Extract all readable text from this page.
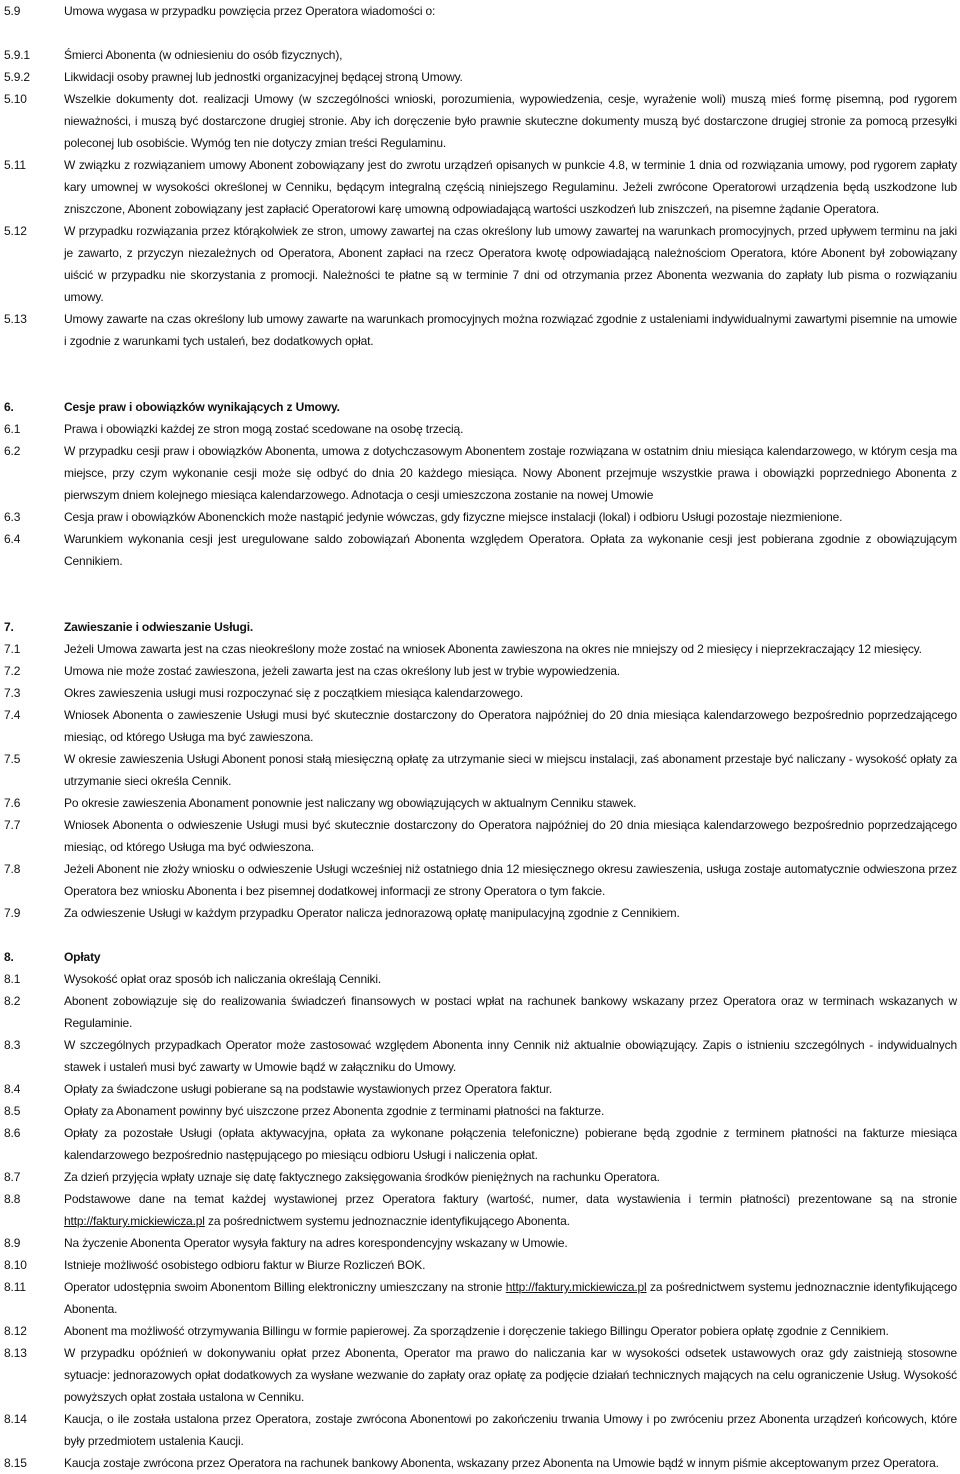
5.9	Umowa wygasa w przypadku powzięcia przez Operatora wiadomości o:
5.9.1	Śmierci Abonenta (w odniesieniu do osób fizycznych),
5.9.2	Likwidacji osoby prawnej lub jednostki organizacyjnej będącej stroną Umowy.
5.10	Wszelkie dokumenty dot. realizacji Umowy (w szczególności wnioski, porozumienia, wypowiedzenia, cesje, wyrażenie woli) muszą mieś formę pisemną, pod rygorem nieważności, i muszą być dostarczone drugiej stronie. Aby ich doręczenie było prawnie skuteczne dokumenty muszą być dostarczone drugiej stronie za pomocą przesyłki poleconej lub osobiście. Wymóg ten nie dotyczy zmian treści Regulaminu.
5.11	W związku z rozwiązaniem umowy Abonent zobowiązany jest do zwrotu urządzeń opisanych w punkcie 4.8, w terminie 1 dnia od rozwiązania umowy, pod rygorem zapłaty kary umownej w wysokości określonej w Cenniku, będącym integralną częścią niniejszego Regulaminu. Jeżeli zwrócone Operatorowi urządzenia będą uszkodzone lub zniszczone, Abonent zobowiązany jest zapłacić Operatorowi karę umowną odpowiadającą wartości uszkodzeń lub zniszczeń, na pisemne żądanie Operatora.
5.12	W przypadku rozwiązania przez którąkolwiek ze stron, umowy zawartej na czas określony lub umowy zawartej na warunkach promocyjnych, przed upływem terminu na jaki je zawarto, z przyczyn niezależnych od Operatora, Abonent zapłaci na rzecz Operatora kwotę odpowiadającą należnościom Operatora, które Abonent był zobowiązany uiścić w przypadku nie skorzystania z promocji. Należności te płatne są w terminie 7 dni od otrzymania przez Abonenta wezwania do zapłaty lub pisma o rozwiązaniu umowy.
5.13	Umowy zawarte na czas określony lub umowy zawarte na warunkach promocyjnych można rozwiązać zgodnie z ustaleniami indywidualnymi zawartymi pisemnie na umowie i zgodnie z warunkami tych ustaleń, bez dodatkowych opłat.
6.	Cesje praw i obowiązków wynikających z Umowy.
6.1	Prawa i obowiązki każdej ze stron mogą zostać scedowane na osobę trzecią.
6.2	W przypadku cesji praw i obowiązków Abonenta, umowa z dotychczasowym Abonentem zostaje rozwiązana w ostatnim dniu miesiąca kalendarzowego, w którym cesja ma miejsce, przy czym wykonanie cesji może się odbyć do dnia 20 każdego miesiąca. Nowy Abonent przejmuje wszystkie prawa i obowiązki poprzedniego Abonenta z pierwszym dniem kolejnego miesiąca kalendarzowego. Adnotacja o cesji umieszczona zostanie na nowej Umowie
6.3	Cesja praw i obowiązków Abonenckich może nastąpić jedynie wówczas, gdy fizyczne miejsce instalacji (lokal) i odbioru Usługi pozostaje niezmienione.
6.4	Warunkiem wykonania cesji jest uregulowane saldo zobowiązań Abonenta względem Operatora. Opłata za wykonanie cesji jest pobierana zgodnie z obowiązującym Cennikiem.
7.	Zawieszanie i odwieszanie Usługi.
7.1	Jeżeli Umowa zawarta jest na czas nieokreślony może zostać na wniosek Abonenta zawieszona na okres nie mniejszy od 2 miesięcy i nieprzekraczający 12 miesięcy.
7.2	Umowa nie może zostać zawieszona, jeżeli zawarta jest na czas określony lub jest w trybie wypowiedzenia.
7.3	Okres zawieszenia usługi musi rozpoczynać się z początkiem miesiąca kalendarzowego.
7.4	Wniosek Abonenta o zawieszenie Usługi musi być skutecznie dostarczony do Operatora najpóźniej do 20 dnia miesiąca kalendarzowego bezpośrednio poprzedzającego miesiąc, od którego Usługa ma być zawieszona.
7.5	W okresie zawieszenia Usługi Abonent ponosi stałą miesięczną opłatę za utrzymanie sieci w miejscu instalacji, zaś abonament przestaje być naliczany - wysokość opłaty za utrzymanie sieci określa Cennik.
7.6	Po okresie zawieszenia Abonament ponownie jest naliczany wg obowiązujących w aktualnym Cenniku stawek.
7.7	Wniosek Abonenta o odwieszenie Usługi musi być skutecznie dostarczony do Operatora najpóźniej do 20 dnia miesiąca kalendarzowego bezpośrednio poprzedzającego miesiąc, od którego Usługa ma być odwieszona.
7.8	Jeżeli Abonent nie złoży wniosku o odwieszenie Usługi wcześniej niż ostatniego dnia 12 miesięcznego okresu zawieszenia, usługa zostaje automatycznie odwieszona przez Operatora bez wniosku Abonenta i bez pisemnej dodatkowej informacji ze strony Operatora o tym fakcie.
7.9	Za odwieszenie Usługi w każdym przypadku Operator nalicza jednorazową opłatę manipulacyjną zgodnie z Cennikiem.
8.	Opłaty
8.1	Wysokość opłat oraz sposób ich naliczania określają Cenniki.
8.2	Abonent zobowiązuje się do realizowania świadczeń finansowych w postaci wpłat na rachunek bankowy wskazany przez Operatora oraz w terminach wskazanych w Regulaminie.
8.3	W szczególnych przypadkach Operator może zastosować względem Abonenta inny Cennik niż aktualnie obowiązujący. Zapis o istnieniu szczególnych - indywidualnych stawek i ustaleń musi być zawarty w Umowie bądź w załączniku do Umowy.
8.4	Opłaty za świadczone usługi pobierane są na podstawie wystawionych przez Operatora faktur.
8.5	Opłaty za Abonament powinny być uiszczone przez Abonenta zgodnie z terminami płatności na fakturze.
8.6	Opłaty za pozostałe Usługi (opłata aktywacyjna, opłata za wykonane połączenia telefoniczne) pobierane będą zgodnie z terminem płatności na fakturze miesiąca kalendarzowego bezpośrednio następującego po miesiącu odbioru Usługi i naliczenia opłat.
8.7	Za dzień przyjęcia wpłaty uznaje się datę faktycznego zaksięgowania środków pieniężnych na rachunku Operatora.
8.8	Podstawowe dane na temat każdej wystawionej przez Operatora faktury (wartość, numer, data wystawienia i termin płatności) prezentowane są na stronie http://faktury.mickiewicza.pl za pośrednictwem systemu jednoznacznie identyfikującego Abonenta.
8.9	Na życzenie Abonenta Operator wysyła faktury na adres korespondencyjny wskazany w Umowie.
8.10	Istnieje możliwość osobistego odbioru faktur w Biurze Rozliczeń BOK.
8.11	Operator udostępnia swoim Abonentom Billing elektroniczny umieszczany na stronie http://faktury.mickiewicza.pl za pośrednictwem systemu jednoznacznie identyfikującego Abonenta.
8.12	Abonent ma możliwość otrzymywania Billingu w formie papierowej. Za sporządzenie i doręczenie takiego Billingu Operator pobiera opłatę zgodnie z Cennikiem.
8.13	W przypadku opóźnień w dokonywaniu opłat przez Abonenta, Operator ma prawo do naliczania kar w wysokości odsetek ustawowych oraz gdy zaistnieją stosowne sytuacje: jednorazowych opłat dodatkowych za wysłane wezwanie do zapłaty oraz opłatę za podjęcie działań technicznych mających na celu ograniczenie Usług. Wysokość powyższych opłat została ustalona w Cenniku.
8.14	Kaucja, o ile została ustalona przez Operatora, zostaje zwrócona Abonentowi po zakończeniu trwania Umowy i po zwróceniu przez Abonenta urządzeń końcowych, które były przedmiotem ustalenia Kaucji.
8.15	Kaucja zostaje zwrócona przez Operatora na rachunek bankowy Abonenta, wskazany przez Abonenta na Umowie bądź w innym piśmie akceptowanym przez Operatora.
